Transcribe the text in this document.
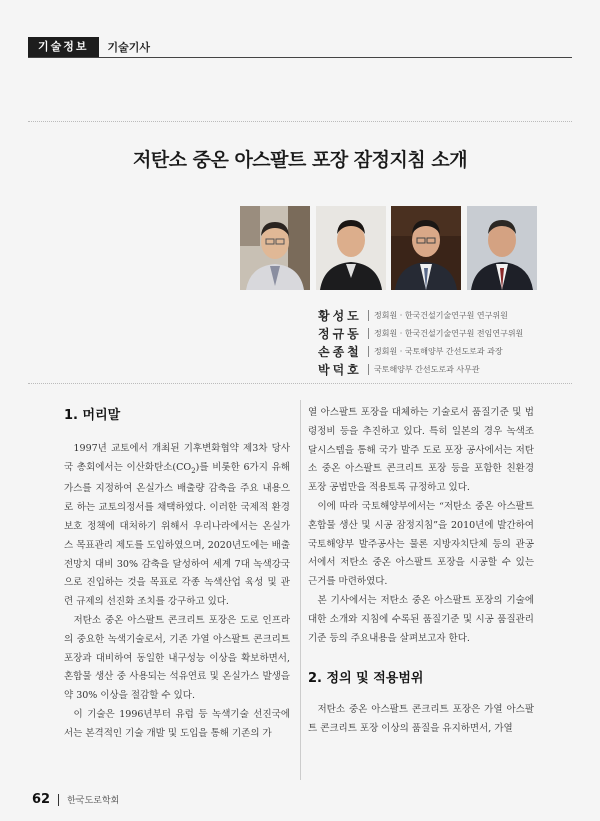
기술정보	기술기사
저탄소 중온 아스팔트 포장 잠정지침 소개
황성도	정회원 · 한국건설기술연구원 연구위원
정규동	정회원 · 한국건설기술연구원 전임연구위원
손종철	정회원 · 국토해양부 간선도로과 과장
박덕호	국토해양부 간선도로과 사무관
1. 머리말

1997년 교토에서 개최된 기후변화협약 제3차 당사국 총회에서는 이산화탄소$(CO_2)$를 비롯한 6가지 유해가스를 지정하여 온실가스 배출량 감축을 주요 내용으로 하는 교토의정서를 채택하였다. 이러한 국제적 환경보호 정책에 대처하기 위해서 우리나라에서는 온실가스 목표관리 제도를 도입하였으며, 2020년도에는 배출전망치 대비 30% 감축을 달성하여 세계 7대 녹색강국으로 진입하는 것을 목표로 각종 녹색산업 육성 및 관련 규제의 선진화 조치를 강구하고 있다.

저탄소 중온 아스팔트 콘크리트 포장은 도로 인프라의 중요한 녹색기술로서, 기존 가열 아스팔트 콘크리트 포장과 대비하여 동일한 내구성능 이상을 확보하면서, 혼합물 생산 중 사용되는 석유연료 및 온실가스 발생을 약 30% 이상을 절감할 수 있다.

이 기술은 1996년부터 유럽 등 녹색기술 선진국에서는 본격적인 기술 개발 및 도입을 통해 기존의 가

열 아스팔트 포장을 대체하는 기술로서 품질기준 및 법령정비 등을 추진하고 있다. 특히 일본의 경우 녹색조달시스템을 통해 국가 발주 도로 포장 공사에서는 저탄소 중온 아스팔트 콘크리트 포장 등을 포함한 친환경 포장 공법만을 적용토록 규정하고 있다.

이에 따라 국토해양부에서는 “저탄소 중온 아스팔트 혼합물 생산 및 시공 잠정지침”을 2010년에 발간하여 국토해양부 발주공사는 물론 지방자치단체 등의 관공서에서 저탄소 중온 아스팔트 포장을 시공할 수 있는 근거를 마련하였다.

본 기사에서는 저탄소 중온 아스팔트 포장의 기술에 대한 소개와 지침에 수록된 품질기준 및 시공 품질관리 기준 등의 주요내용을 살펴보고자 한다.

2. 정의 및 적용범위

저탄소 중온 아스팔트 콘크리트 포장은 가열 아스팔트 콘크리트 포장 이상의 품질을 유지하면서, 가열

62 한국도로학회
